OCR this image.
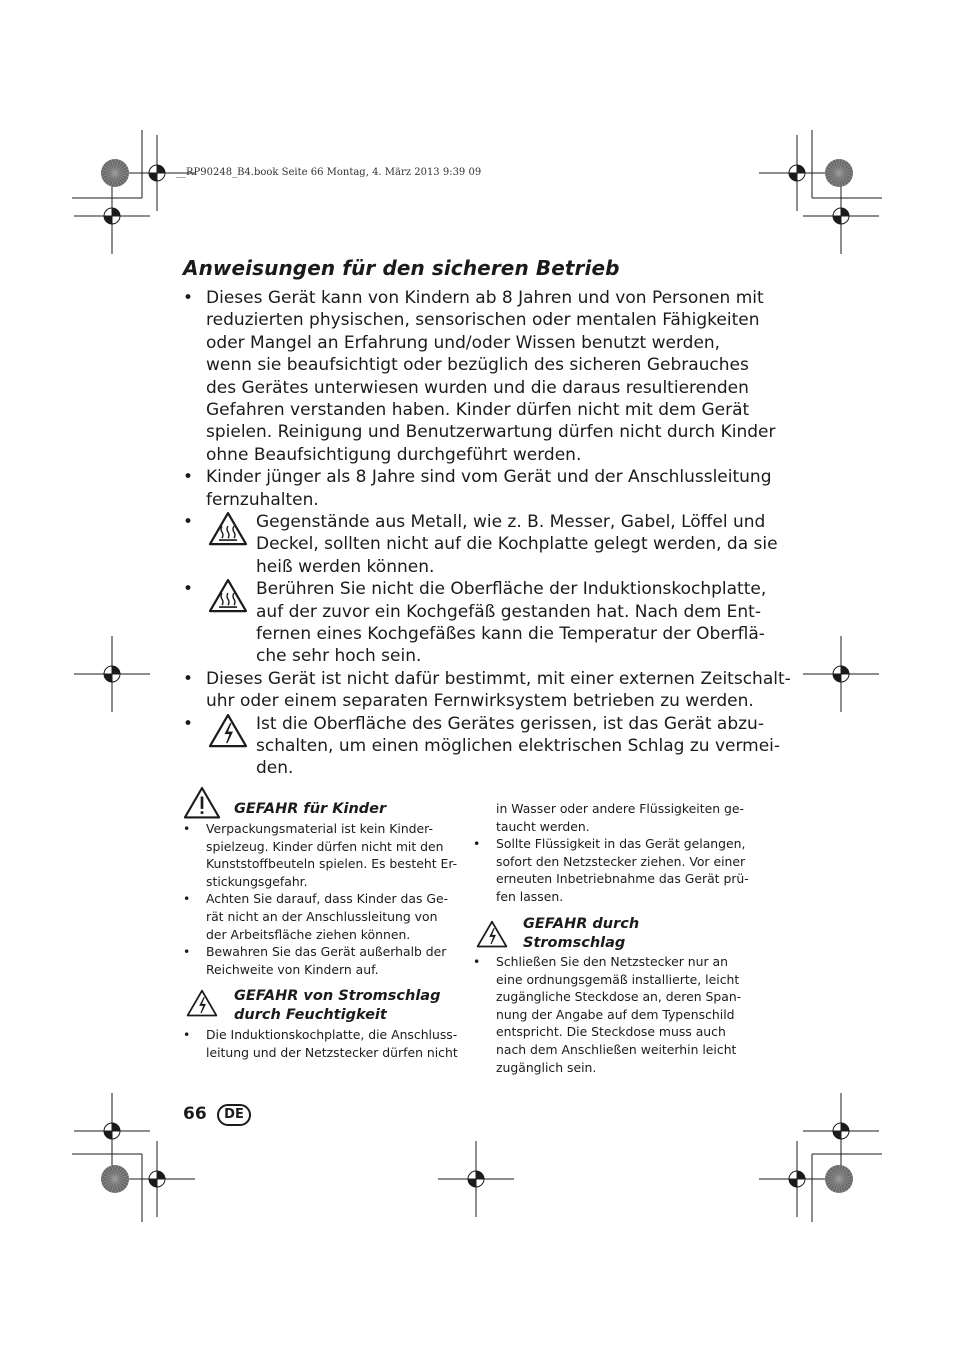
__RP90248_B4.book Seite 66 Montag, 4. März 2013 9:39 09
Anweisungen für den sicheren Betrieb
• Dieses Gerät kann von Kindern ab 8 Jahren und von Personen mit
reduzierten physischen, sensorischen oder mentalen Fähigkeiten
oder Mangel an Erfahrung und/oder Wissen benutzt werden,
wenn sie beaufsichtigt oder bezüglich des sicheren Gebrauches
des Gerätes unterwiesen wurden und die daraus resultierenden
Gefahren verstanden haben. Kinder dürfen nicht mit dem Gerät
spielen. Reinigung und Benutzerwartung dürfen nicht durch Kinder
ohne Beaufsichtigung durchgeführt werden.
• Kinder jünger als 8 Jahre sind vom Gerät und der Anschlussleitung
fernzuhalten.
•	Gegenstände aus Metall, wie z. B. Messer, Gabel, Löffel und
Deckel, sollten nicht auf die Kochplatte gelegt werden, da sie
heiß werden können.
•	Berühren Sie nicht die Oberfläche der Induktionskochplatte,
auf der zuvor ein Kochgefäß gestanden hat. Nach dem Ent-
fernen eines Kochgefäßes kann die Temperatur der Oberflä-
che sehr hoch sein.
• Dieses Gerät ist nicht dafür bestimmt, mit einer externen Zeitschalt-
uhr oder einem separaten Fernwirksystem betrieben zu werden.
•	Ist die Oberfläche des Gerätes gerissen, ist das Gerät abzu-
schalten, um einen möglichen elektrischen Schlag zu vermei-
den.
GEFAHR für Kinder
• Verpackungsmaterial ist kein Kinder-
spielzeug. Kinder dürfen nicht mit den
Kunststoffbeuteln spielen. Es besteht Er-
stickungsgefahr.
• Achten Sie darauf, dass Kinder das Ge-
rät nicht an der Anschlussleitung von
der Arbeitsfläche ziehen können.
• Bewahren Sie das Gerät außerhalb der
Reichweite von Kindern auf.
GEFAHR von Stromschlag
durch Feuchtigkeit
• Die Induktionskochplatte, die Anschluss-
leitung und der Netzstecker dürfen nicht
in Wasser oder andere Flüssigkeiten ge-
taucht werden.
• Sollte Flüssigkeit in das Gerät gelangen,
sofort den Netzstecker ziehen. Vor einer
erneuten Inbetriebnahme das Gerät prü-
fen lassen.
GEFAHR durch
Stromschlag
• Schließen Sie den Netzstecker nur an
eine ordnungsgemäß installierte, leicht
zugängliche Steckdose an, deren Span-
nung der Angabe auf dem Typenschild
entspricht. Die Steckdose muss auch
nach dem Anschließen weiterhin leicht
zugänglich sein.
66	DE
